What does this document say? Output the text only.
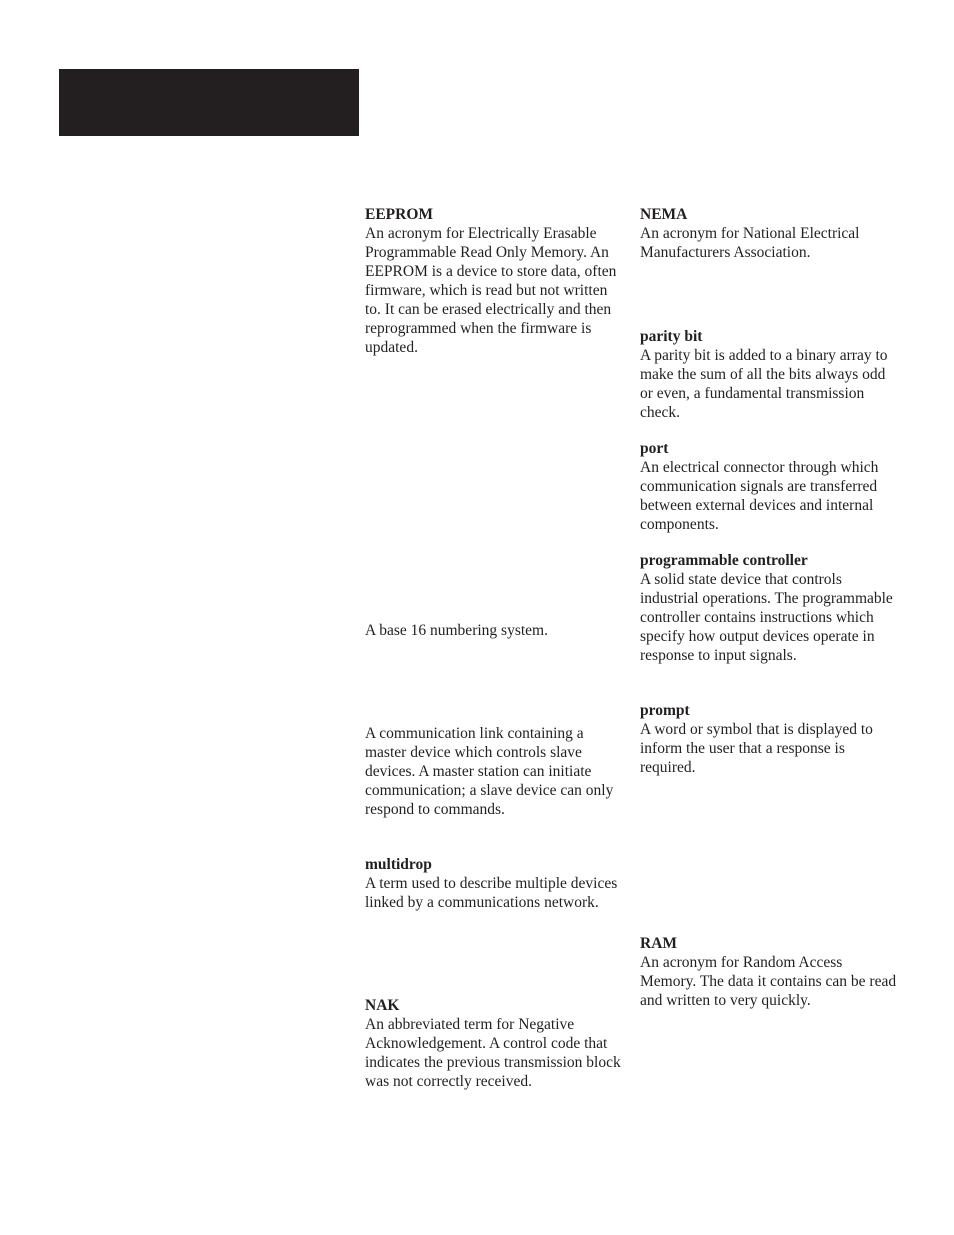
EEPROM

An acronym for Electrically Erasable Programmable Read Only Memory. An EEPROM is a device to store data, often firmware, which is read but not written to. It can be erased electrically and then reprogrammed when the firmware is updated.

A base 16 numbering system.

A communication link containing a master device which controls slave devices. A master station can initiate communication; a slave device can only respond to commands.

multidrop

A term used to describe multiple devices linked by a communications network.

NAK

An abbreviated term for Negative Acknowledgement. A control code that indicates the previous transmission block was not correctly received.

NEMA

An acronym for National Electrical Manufacturers Association.

parity bit

A parity bit is added to a binary array to make the sum of all the bits always odd or even, a fundamental transmission check.

port

An electrical connector through which communication signals are transferred between external devices and internal components.

programmable controller

A solid state device that controls industrial operations. The programmable controller contains instructions which specify how output devices operate in response to input signals.

prompt

A word or symbol that is displayed to inform the user that a response is required.

RAM

An acronym for Random Access Memory. The data it contains can be read and written to very quickly.
